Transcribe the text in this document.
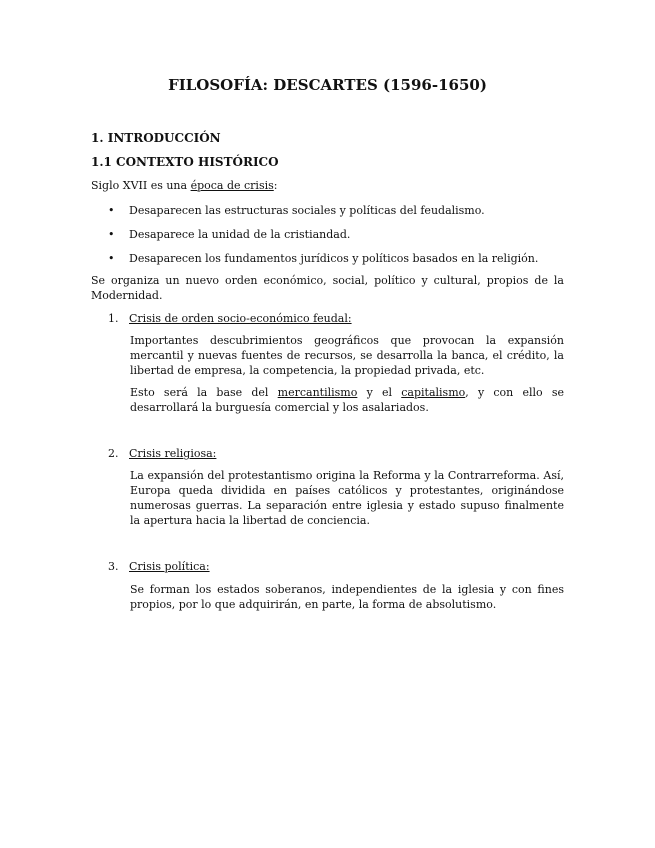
FILOSOFÍA: DESCARTES (1596-1650)
1. INTRODUCCIÓN
1.1 CONTEXTO HISTÓRICO
Siglo XVII es una época de crisis:
• Desaparecen las estructuras sociales y políticas del feudalismo.
• Desaparece la unidad de la cristiandad.
• Desaparecen los fundamentos jurídicos y políticos basados en la religión.
Se organiza un nuevo orden económico, social, político y cultural, propios de la Modernidad.
1. Crisis de orden socio-económico feudal:
Importantes descubrimientos geográficos que provocan la expansión mercantil y nuevas fuentes de recursos, se desarrolla la banca, el crédito, la libertad de empresa, la competencia, la propiedad privada, etc.
Esto será la base del mercantilismo y el capitalismo, y con ello se desarrollará la burguesía comercial y los asalariados.
2. Crisis religiosa:
La expansión del protestantismo origina la Reforma y la Contrarreforma. Así, Europa queda dividida en países católicos y protestantes, originándose numerosas guerras. La separación entre iglesia y estado supuso finalmente la apertura hacia la libertad de conciencia.
3. Crisis política:
Se forman los estados soberanos, independientes de la iglesia y con fines propios, por lo que adquirirán, en parte, la forma de absolutismo.
